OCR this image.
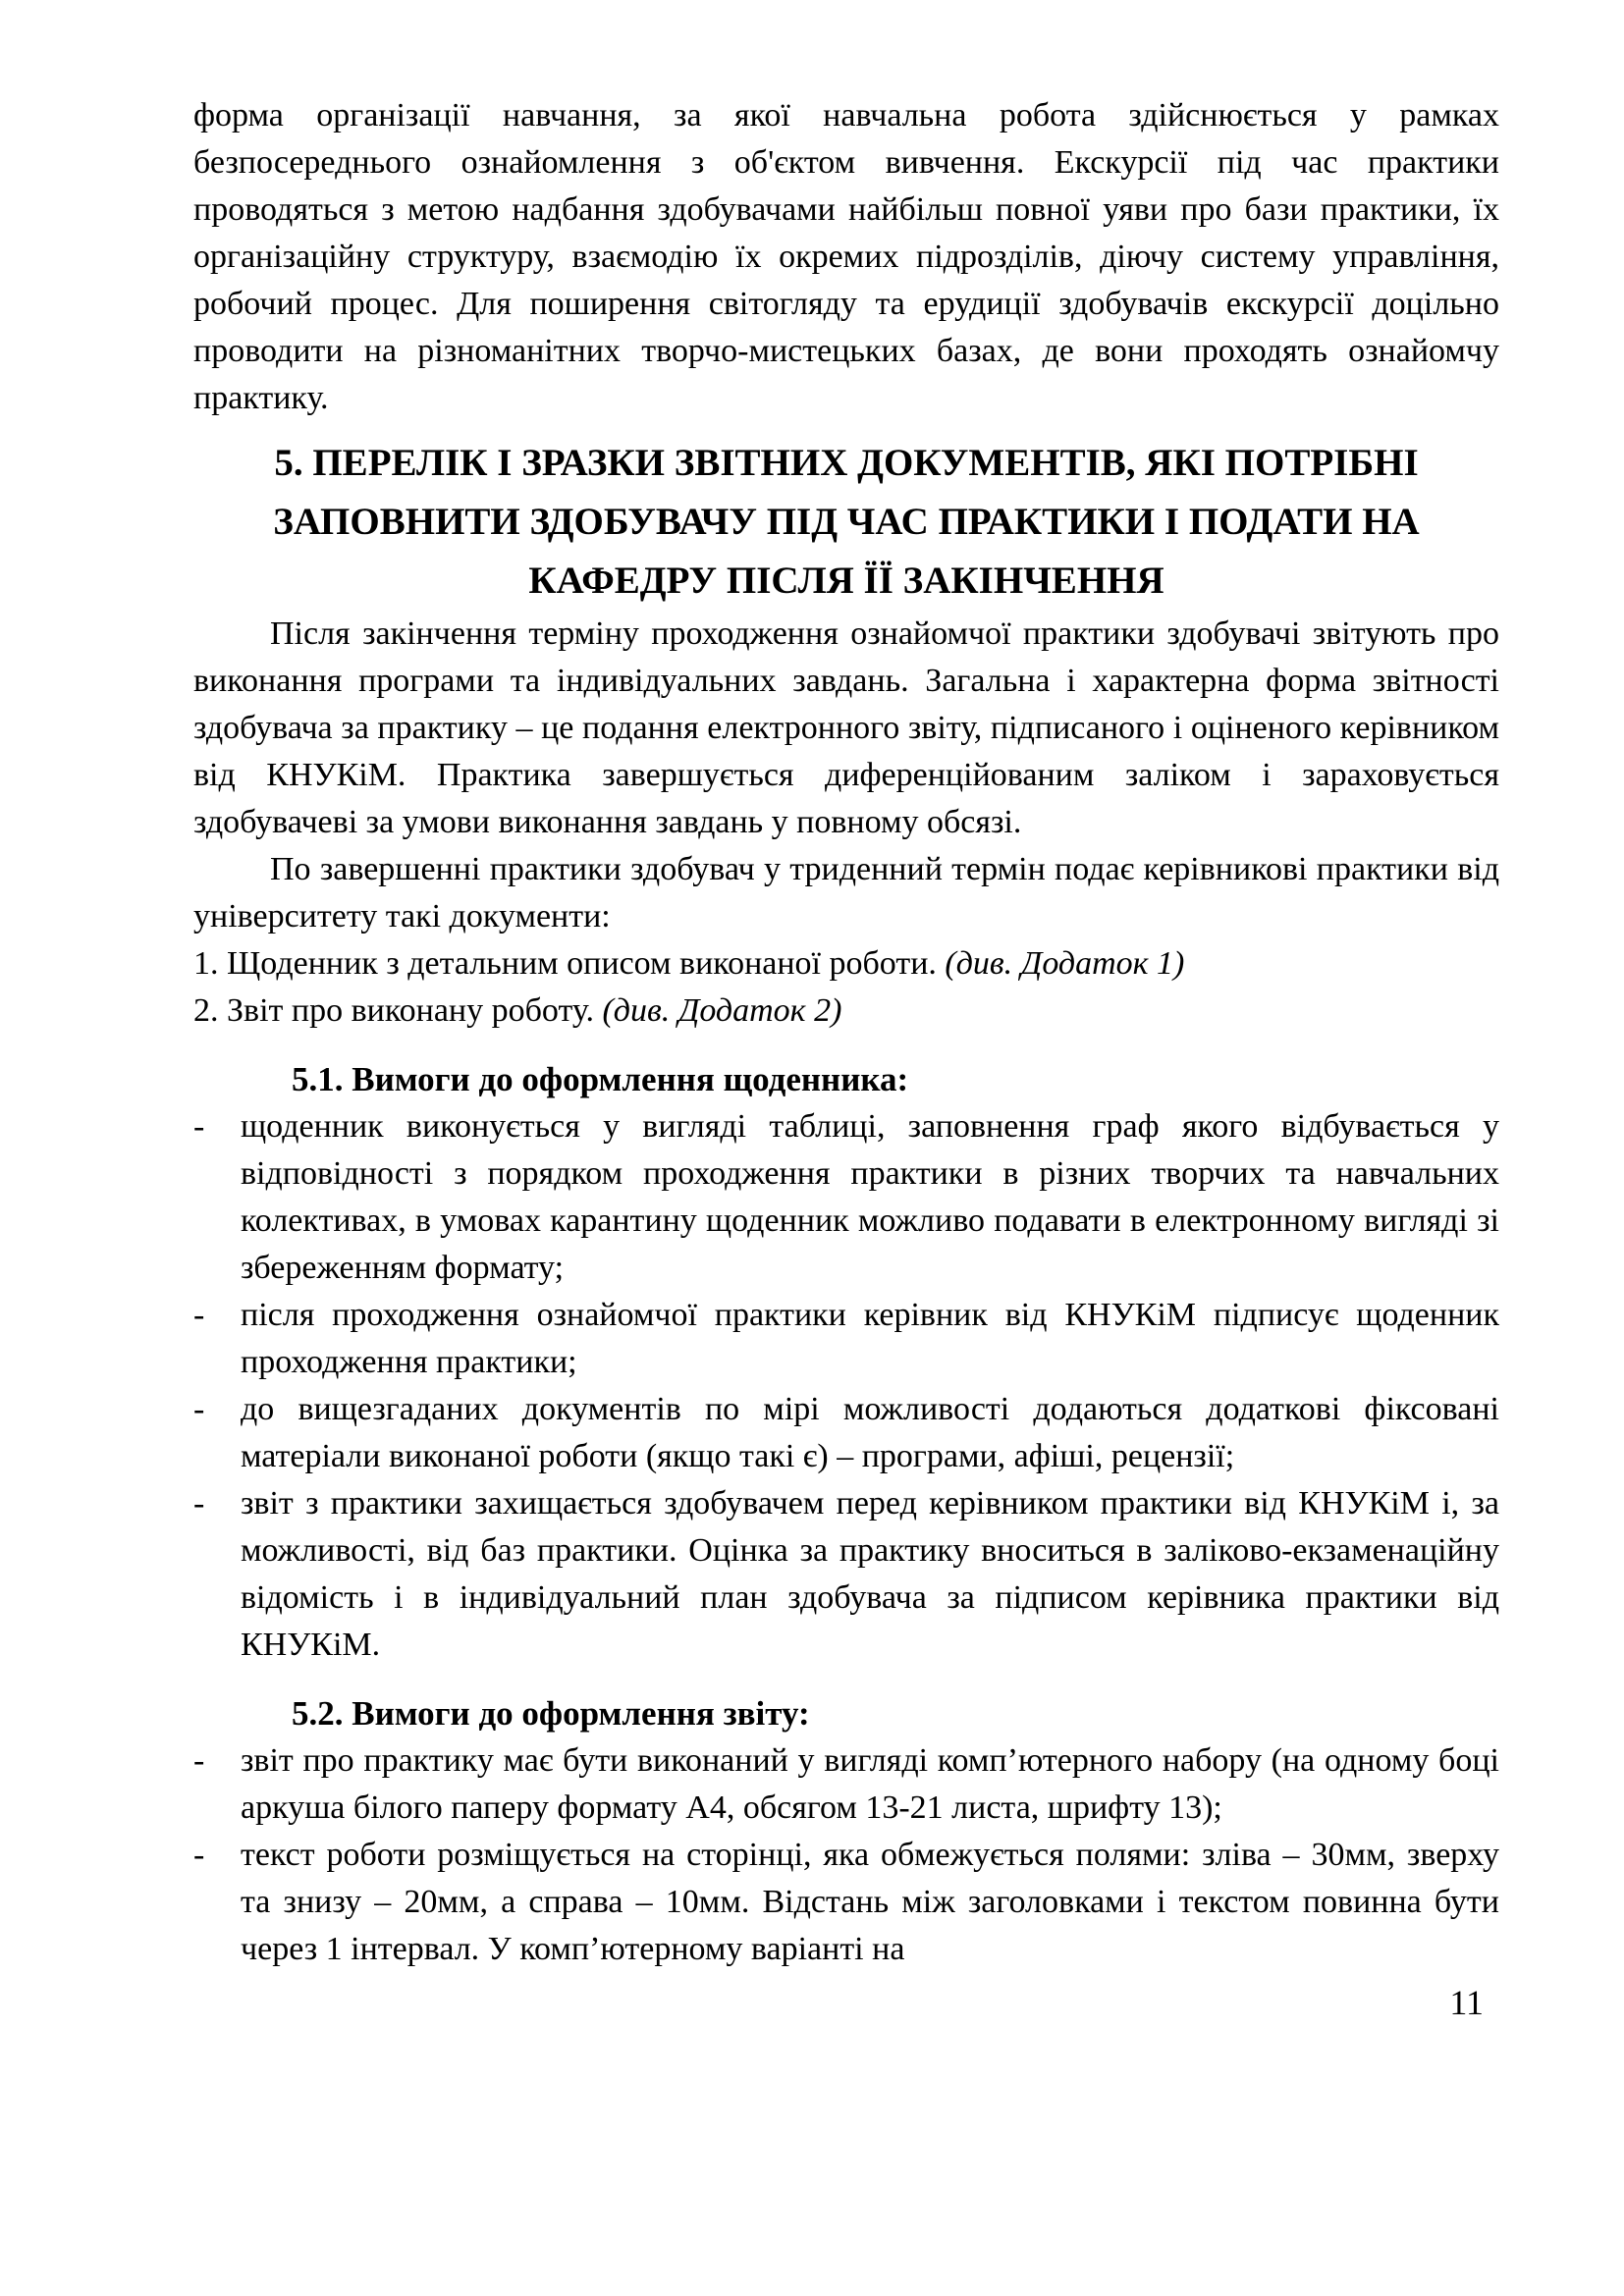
форма організації навчання, за якої навчальна робота здійснюється у рамках безпосереднього ознайомлення з об'єктом вивчення. Екскурсії під час практики проводяться з метою надбання здобувачами найбільш повної уяви про бази практики, їх організаційну структуру, взаємодію їх окремих підрозділів, діючу систему управління, робочий процес. Для поширення світогляду та ерудиції здобувачів екскурсії доцільно проводити на різноманітних творчо-мистецьких базах, де вони проходять ознайомчу практику.

5. ПЕРЕЛІК І ЗРАЗКИ ЗВІТНИХ ДОКУМЕНТІВ, ЯКІ ПОТРІБНІ
ЗАПОВНИТИ ЗДОБУВАЧУ ПІД ЧАС ПРАКТИКИ І ПОДАТИ НА
КАФЕДРУ ПІСЛЯ ЇЇ ЗАКІНЧЕННЯ

Після закінчення терміну проходження ознайомчої практики здобувачі звітують про виконання програми та індивідуальних завдань. Загальна і характерна форма звітності здобувача за практику – це подання електронного звіту, підписаного і оціненого керівником від КНУКіМ. Практика завершується диференційованим заліком і зараховується здобувачеві за умови виконання завдань у повному обсязі.

По завершенні практики здобувач у триденний термін подає керівникові практики від університету такі документи:

1. Щоденник з детальним описом виконаної роботи. (див. Додаток 1)

2. Звіт про виконану роботу. (див. Додаток 2)

5.1. Вимоги до оформлення щоденника:
- щоденник виконується у вигляді таблиці, заповнення граф якого відбувається у відповідності з порядком проходження практики в різних творчих та навчальних колективах, в умовах карантину щоденник можливо подавати в електронному вигляді зі збереженням формату;
- після проходження ознайомчої практики керівник від КНУКіМ підписує щоденник проходження практики;
- до вищезгаданих документів по мірі можливості додаються додаткові фіксовані матеріали виконаної роботи (якщо такі є) – програми, афіші, рецензії;
- звіт з практики захищається здобувачем перед керівником практики від КНУКіМ і, за можливості, від баз практики. Оцінка за практику вноситься в заліково-екзаменаційну відомість і в індивідуальний план здобувача за підписом керівника практики від КНУКіМ.
5.2. Вимоги до оформлення звіту:
- звіт про практику має бути виконаний у вигляді комп’ютерного набору (на одному боці аркуша білого паперу формату А4, обсягом 13-21 листа, шрифту 13);
- текст роботи розміщується на сторінці, яка обмежується полями: зліва – 30мм, зверху та знизу – 20мм, а справа – 10мм. Відстань між заголовками і текстом повинна бути через 1 інтервал. У комп’ютерному варіанті на
11
